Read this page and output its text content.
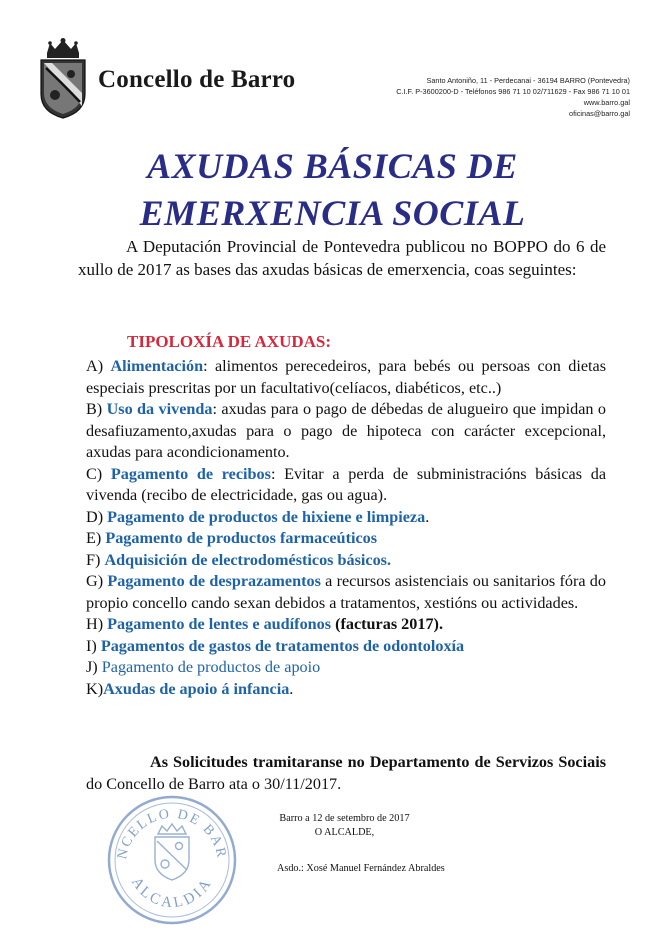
Concello de Barro	Santo Antoniño, 11 - Perdecanai - 36194 BARRO (Pontevedra)
C.I.F. P-3600200-D - Teléfonos 986 71 10 02/711629 - Fax 986 71 10 01
www.barro.gal
oficinas@barro.gal
AXUDAS BÁSICAS DE
EMERXENCIA SOCIAL
A Deputación Provincial de Pontevedra publicou no BOPPO do 6 de xullo de 2017 as bases das axudas básicas de emerxencia, coas seguintes:
TIPOLOXÍA DE AXUDAS:

A) Alimentación: alimentos perecedeiros, para bebés ou persoas con dietas especiais prescritas por un facultativo(celíacos, diabéticos, etc..)

B) Uso da vivenda: axudas para o pago de débedas de alugueiro que impidan o desafiuzamento,axudas para o pago de hipoteca con carácter excepcional, axudas para acondicionamento.

C) Pagamento de recibos: Evitar a perda de subministracións básicas da vivenda (recibo de electricidade, gas ou agua).

D) Pagamento de productos de hixiene e limpieza.

E) Pagamento de productos farmaceúticos

F) Adquisición de electrodomésticos básicos.

G) Pagamento de desprazamentos a recursos asistenciais ou sanitarios fóra do propio concello cando sexan debidos a tratamentos, xestións ou actividades.

H) Pagamento de lentes e audífonos (facturas 2017).

I) Pagamentos de gastos de tratamentos de odontoloxía

J) Pagamento de productos de apoio

K)Axudas de apoio á infancia.

As Solicitudes tramitaranse no Departamento de Servizos Sociais do Concello de Barro ata o 30/11/2017.
NCELLO DE BAR
ALCALDIA
Barro a 12 de setembro de 2017
O ALCALDE,
Asdo.: Xosé Manuel Fernández Abraldes
